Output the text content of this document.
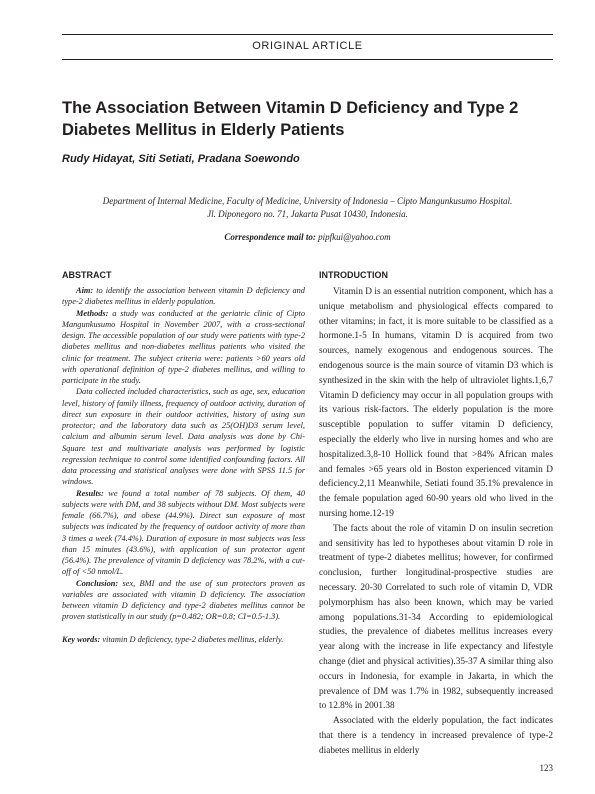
ORIGINAL ARTICLE
The Association Between Vitamin D Deficiency and Type 2 Diabetes Mellitus in Elderly Patients
Rudy Hidayat, Siti Setiati, Pradana Soewondo
Department of Internal Medicine, Faculty of Medicine, University of Indonesia – Cipto Mangunkusumo Hospital.
Jl. Diponegoro no. 71, Jakarta Pusat 10430, Indonesia.
Correspondence mail to: pipfkui@yahoo.com
ABSTRACT

Aim: to identify the association between vitamin D deficiency and type-2 diabetes mellitus in elderly population.

Methods: a study was conducted at the geriatric clinic of Cipto Mangunkusumo Hospital in November 2007, with a cross-sectional design. The accessible population of our study were patients with type-2 diabetes mellitus and non-diabetes mellitus patients who visited the clinic for treatment. The subject criteria were: patients >60 years old with operational definition of type-2 diabetes mellitus, and willing to participate in the study.

Data collected included characteristics, such as age, sex, education level, history of family illness, frequency of outdoor activity, duration of direct sun exposure in their outdoor activities, history of using sun protector; and the laboratory data such as 25(OH)D3 serum level, calcium and albumin serum level. Data analysis was done by Chi-Square test and multivariate analysis was performed by logistic regression technique to control some identified confounding factors. All data processing and statistical analyses were done with SPSS 11.5 for windows.

Results: we found a total number of 78 subjects. Of them, 40 subjects were with DM, and 38 subjects without DM. Most subjects were female (66.7%), and obese (44.9%). Direct sun exposure of most subjects was indicated by the frequency of outdoor activity of more than 3 times a week (74.4%). Duration of exposure in most subjects was less than 15 minutes (43.6%), with application of sun protector agent (56.4%). The prevalence of vitamin D deficiency was 78.2%, with a cut-off of <50 nmol/L.

Conclusion: sex, BMI and the use of sun protectors proven as variables are associated with vitamin D deficiency. The association between vitamin D deficiency and type-2 diabetes mellitus cannot be proven statistically in our study (p=0.482; OR=0.8; CI=0.5-1.3).

Key words: vitamin D deficiency, type-2 diabetes mellitus, elderly.

INTRODUCTION

Vitamin D is an essential nutrition component, which has a unique metabolism and physiological effects compared to other vitamins; in fact, it is more suitable to be classified as a hormone.1-5 In humans, vitamin D is acquired from two sources, namely exogenous and endogenous sources. The endogenous source is the main source of vitamin D3 which is synthesized in the skin with the help of ultraviolet lights.1,6,7 Vitamin D deficiency may occur in all population groups with its various risk-factors. The elderly population is the more susceptible population to suffer vitamin D deficiency, especially the elderly who live in nursing homes and who are hospitalized.3,8-10 Hollick found that >84% African males and females >65 years old in Boston experienced vitamin D deficiency.2,11 Meanwhile, Setiati found 35.1% prevalence in the female population aged 60-90 years old who lived in the nursing home.12-19

The facts about the role of vitamin D on insulin secretion and sensitivity has led to hypotheses about vitamin D role in treatment of type-2 diabetes mellitus; however, for confirmed conclusion, further longitudinal-prospective studies are necessary. 20-30 Correlated to such role of vitamin D, VDR polymorphism has also been known, which may be varied among populations.31-34 According to epidemiological studies, the prevalence of diabetes mellitus increases every year along with the increase in life expectancy and lifestyle change (diet and physical activities).35-37 A similar thing also occurs in Indonesia, for example in Jakarta, in which the prevalence of DM was 1.7% in 1982, subsequently increased to 12.8% in 2001.38

Associated with the elderly population, the fact indicates that there is a tendency in increased prevalence of type-2 diabetes mellitus in elderly

123
